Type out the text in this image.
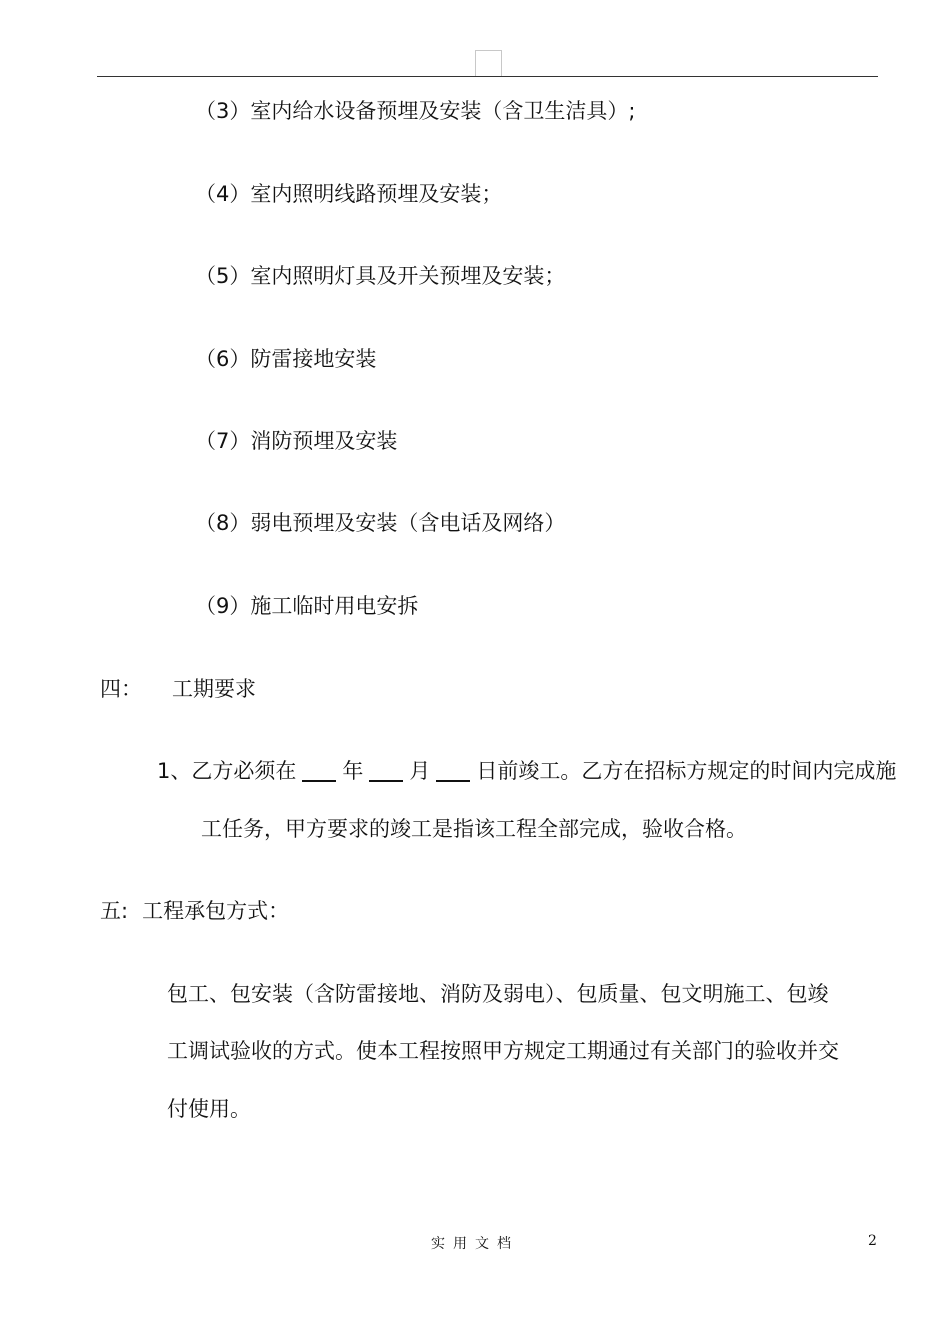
（3）室内给水设备预埋及安装（含卫生洁具）;
（4）室内照明线路预埋及安装；
（5）室内照明灯具及开关预埋及安装；
（6）防雷接地安装
（7）消防预埋及安装
（8）弱电预埋及安装（含电话及网络）
（9）施工临时用电安拆
四： 工期要求
1、乙方必须在 年 月 日前竣工。乙方在招标方规定的时间内完成施
工任务，甲方要求的竣工是指该工程全部完成，验收合格。
五: 工程承包方式：
包工、包安装（含防雷接地、消防及弱电）、包质量、包文明施工、包竣
工调试验收的方式。使本工程按照甲方规定工期通过有关部门的验收并交
付使用。
实用文档	2
